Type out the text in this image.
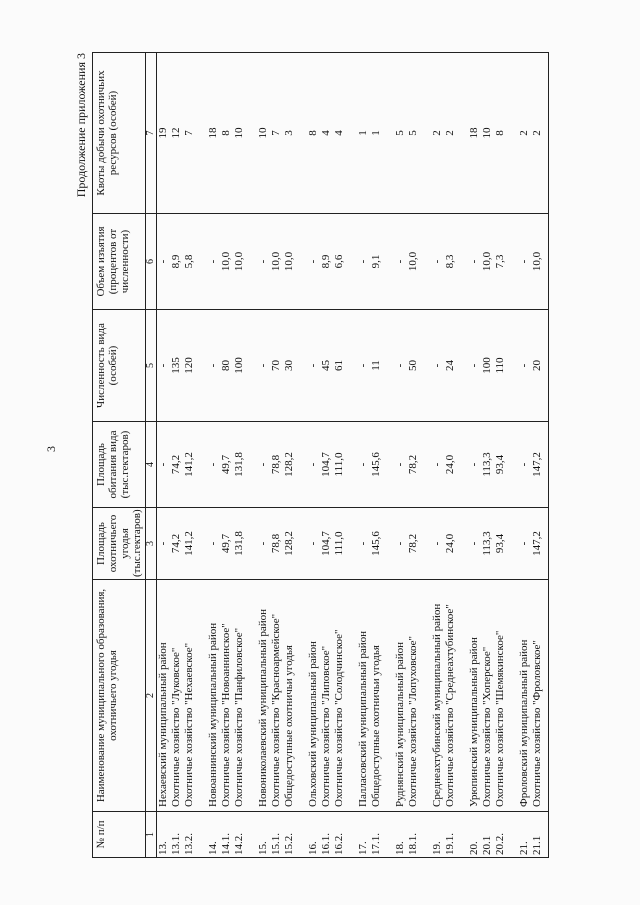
3
Продолжение приложения 3
№ п/п	Наименование муниципального образования, охотничьего угодья	Площадь охотничьего угодья (тыс.гектаров)	Площадь обитания вида (тыс.гектаров)	Численность вида (особей)	Объем изъятия (процентов от численности)	Квоты добычи охотничьих ресурсов (особей)
1	2	3	4	5	6	7
13.	Нехаевский муниципальный район	-	-	-	-	19
13.1.	Охотничье хозяйство "Луковское"	74,2	74,2	135	8,9	12
13.2.	Охотничье хозяйство "Нехаевское"	141,2	141,2	120	5,8	7

14.	Новоаннинский муниципальный район	-	-	-	-	18
14.1.	Охотничье хозяйство "Новоаннинское"	49,7	49,7	80	10,0	8
14.2.	Охотничье хозяйство "Панфиловское"	131,8	131,8	100	10,0	10

15.	Новониколаевский муниципальный район	-	-	-	-	10
15.1.	Охотничье хозяйство "Красноармейское"	78,8	78,8	70	10,0	7
15.2.	Общедоступные охотничьи угодья	128,2	128,2	30	10,0	3

16.	Ольховский муниципальный район	-	-	-	-	8
16.1.	Охотничье хозяйство "Липовское"	104,7	104,7	45	8,9	4
16.2.	Охотничье хозяйство "Солодчинское"	111,0	111,0	61	6,6	4

17.	Палласовский муниципальный район	-	-	-	-	1
17.1.	Общедоступные охотничьи угодья	145,6	145,6	11	9,1	1

18.	Руднянский муниципальный район	-	-	-	-	5
18.1.	Охотничье хозяйство "Лопуховское"	78,2	78,2	50	10,0	5

19.	Среднеахтубинский муниципальный район	-	-	-	-	2
19.1.	Охотничье хозяйство "Среднеахтубинское"	24,0	24,0	24	8,3	2

20.	Урюпинский муниципальный район	-	-	-	-	18
20.1	Охотничье хозяйство "Хоперское"	113,3	113,3	100	10,0	10
20.2.	Охотничье хозяйство "Шемякинское"	93,4	93,4	110	7,3	8

21.	Фроловский муниципальный район	-	-	-	-	2
21.1	Охотничье хозяйство "Фроловское"	147,2	147,2	20	10,0	2
